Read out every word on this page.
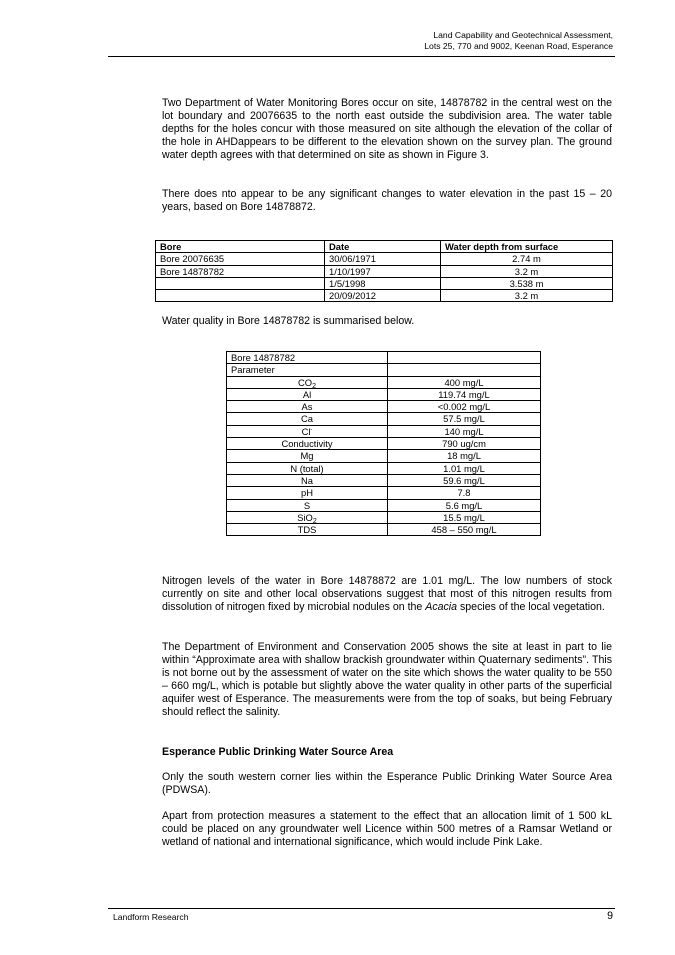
Land Capability and Geotechnical Assessment,
Lots 25, 770 and 9002, Keenan Road, Esperance

Two Department of Water Monitoring Bores occur on site, 14878782 in the central west on the lot boundary and 20076635 to the north east outside the subdivision area. The water table depths for the holes concur with those measured on site although the elevation of the collar of the hole in AHDappears to be different to the elevation shown on the survey plan. The ground water depth agrees with that determined on site as shown in Figure 3.

There does nto appear to be any significant changes to water elevation in the past 15 – 20 years, based on Bore 14878872.

Bore	Date	Water depth from surface
Bore 20076635	30/06/1971	2.74 m
Bore 14878782	1/10/1997	3.2 m
	1/5/1998	3.538 m
	20/09/2012	3.2 m

Water quality in Bore 14878782 is summarised below.

Bore 14878782	
Parameter	
$CO_2$	400 mg/L
Al	119.74 mg/L
As	<0.002 mg/L
Ca	57.5 mg/L
Cl-	140 mg/L
Conductivity	790 ug/cm
Mg	18 mg/L
N (total)	1.01 mg/L
Na	59.6 mg/L
pH	7.8
S	5.6 mg/L
SiO$_2$	15.5 mg/L
TDS	458 – 550 mg/L

Nitrogen levels of the water in Bore 14878872 are 1.01 mg/L. The low numbers of stock currently on site and other local observations suggest that most of this nitrogen results from dissolution of nitrogen fixed by microbial nodules on the Acacia species of the local vegetation.

The Department of Environment and Conservation 2005 shows the site at least in part to lie within “Approximate area with shallow brackish groundwater within Quaternary sediments”. This is not borne out by the assessment of water on the site which shows the water quality to be 550 – 660 mg/L, which is potable but slightly above the water quality in other parts of the superficial aquifer west of Esperance. The measurements were from the top of soaks, but being February should reflect the salinity.

Esperance Public Drinking Water Source Area

Only the south western corner lies within the Esperance Public Drinking Water Source Area (PDWSA).

Apart from protection measures a statement to the effect that an allocation limit of 1 500 kL could be placed on any groundwater well Licence within 500 metres of a Ramsar Wetland or wetland of national and international significance, which would include Pink Lake.

Landform Research	9
